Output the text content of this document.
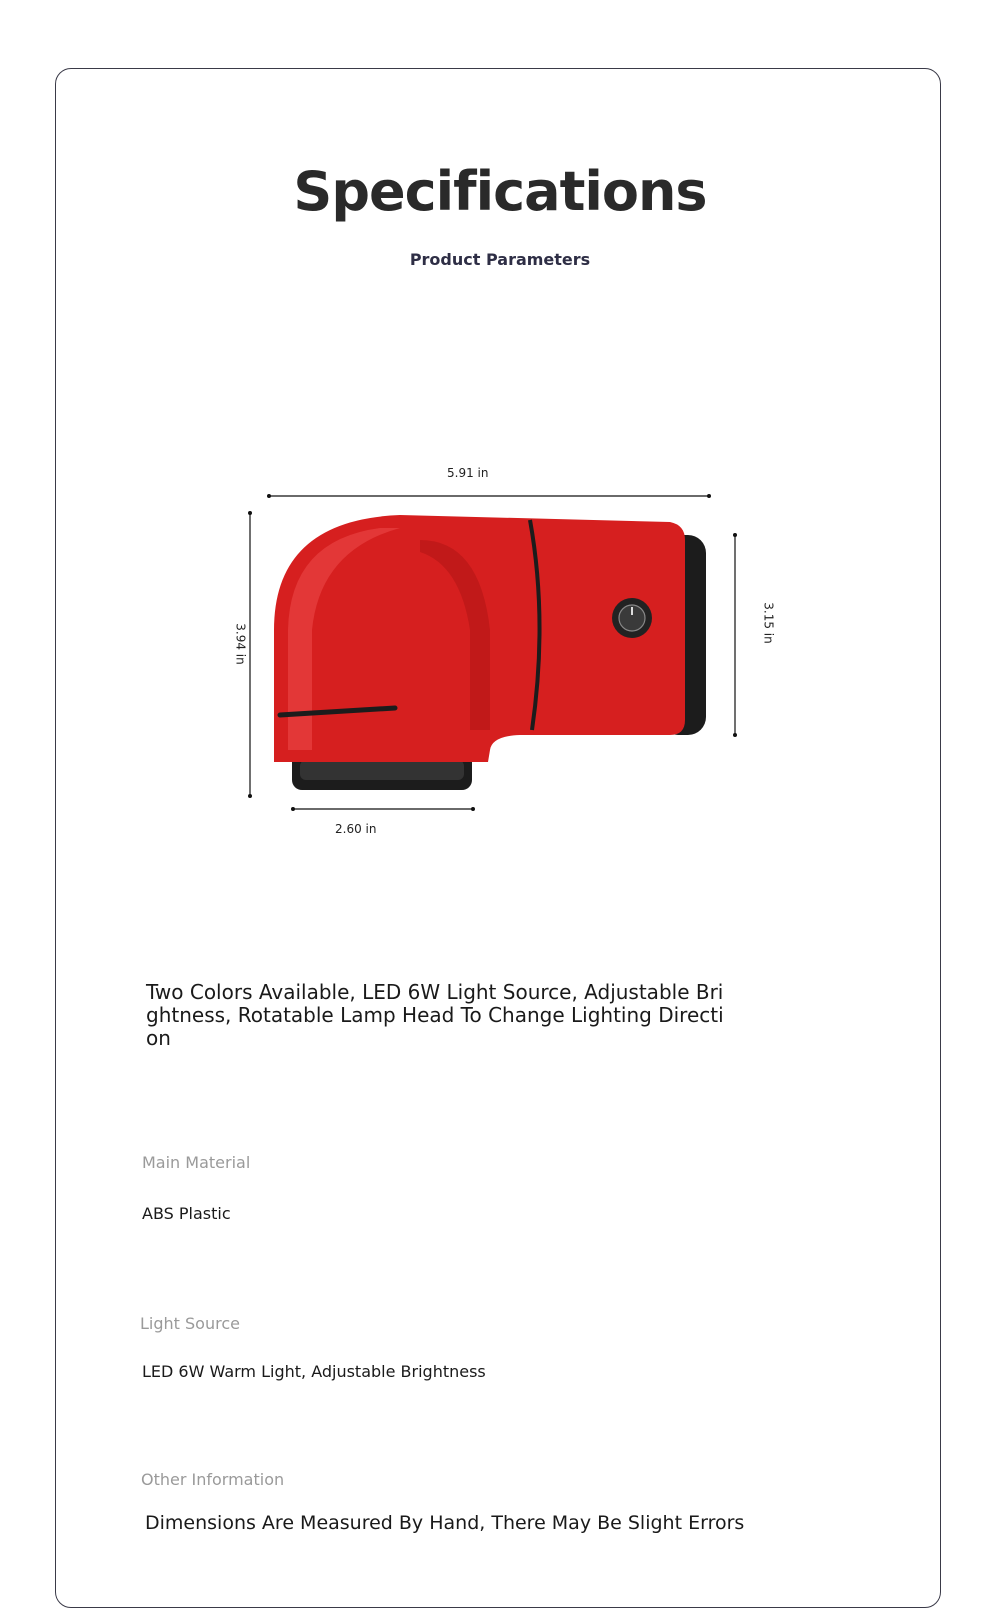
Specifications
Product Parameters
5.91 in
2.60 in
3.94 in
3.15 in
Two Colors Available, LED 6W Light Source, Adjustable Brightness, Rotatable Lamp Head To Change Lighting Direction
Main Material
ABS Plastic
Light Source
LED 6W Warm Light, Adjustable Brightness
Other Information
Dimensions Are Measured By Hand, There May Be Slight Errors
